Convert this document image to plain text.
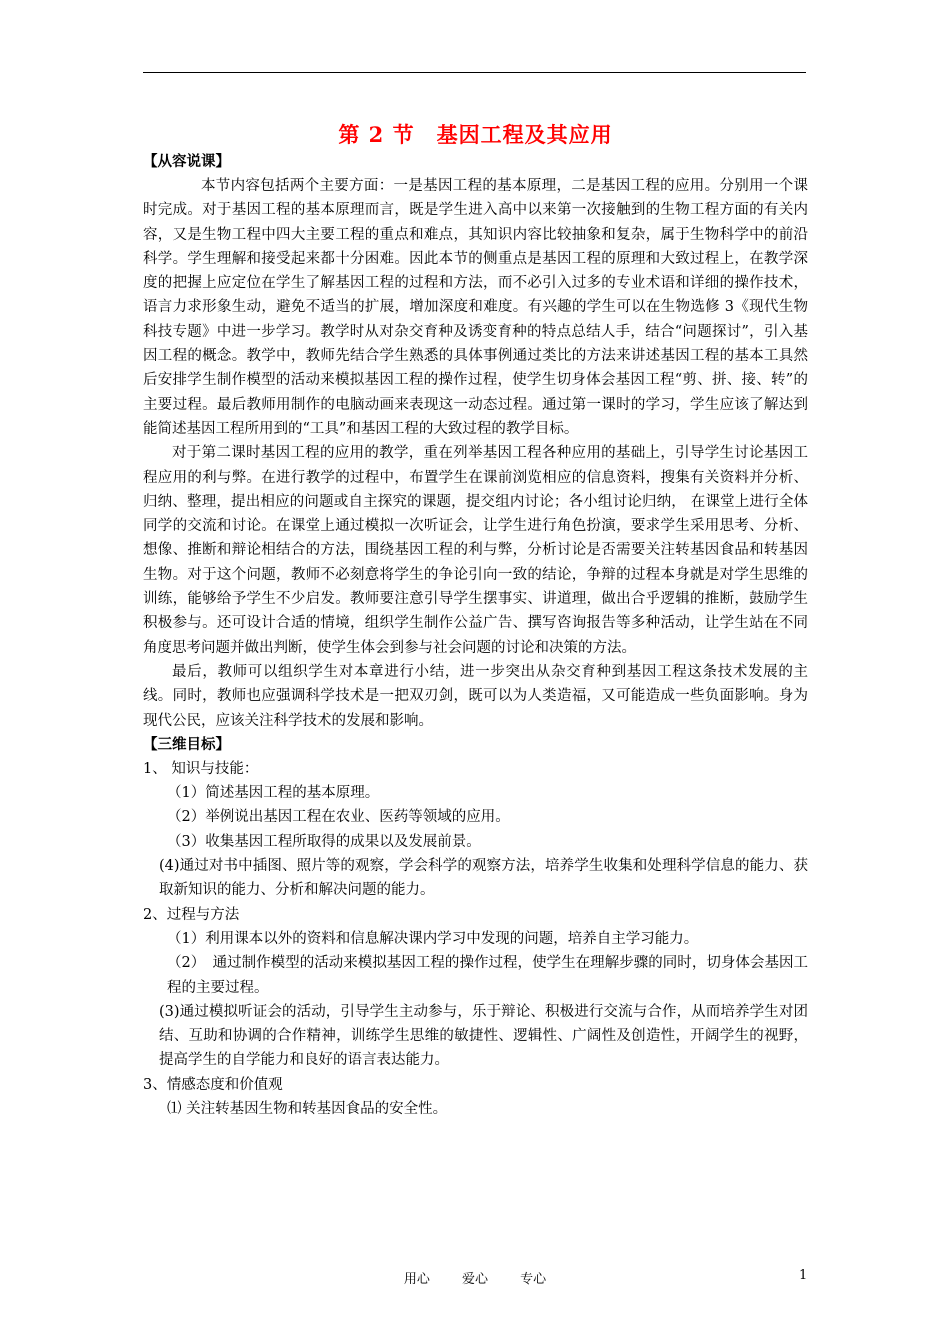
第 2 节　基因工程及其应用

【从容说课】

本节内容包括两个主要方面：一是基因工程的基本原理，二是基因工程的应用。分别用一个课时完成。对于基因工程的基本原理而言，既是学生进入高中以来第一次接触到的生物工程方面的有关内容，又是生物工程中四大主要工程的重点和难点，其知识内容比较抽象和复杂，属于生物科学中的前沿科学。学生理解和接受起来都十分困难。因此本节的侧重点是基因工程的原理和大致过程上，在教学深度的把握上应定位在学生了解基因工程的过程和方法，而不必引入过多的专业术语和详细的操作技术，语言力求形象生动，避免不适当的扩展，增加深度和难度。有兴趣的学生可以在生物选修 3《现代生物科技专题》中进一步学习。教学时从对杂交育种及诱变育种的特点总结人手，结合“问题探讨”，引入基因工程的概念。教学中，教师先结合学生熟悉的具体事例通过类比的方法来讲述基因工程的基本工具然后安排学生制作模型的活动来模拟基因工程的操作过程，使学生切身体会基因工程“剪、拼、接、转”的主要过程。最后教师用制作的电脑动画来表现这一动态过程。通过第一课时的学习，学生应该了解达到能简述基因工程所用到的“工具”和基因工程的大致过程的教学目标。

对于第二课时基因工程的应用的教学，重在列举基因工程各种应用的基础上，引导学生讨论基因工程应用的利与弊。在进行教学的过程中，布置学生在课前浏览相应的信息资料，搜集有关资料并分析、归纳、整理，提出相应的问题或自主探究的课题，提交组内讨论；各小组讨论归纳， 在课堂上进行全体同学的交流和讨论。在课堂上通过模拟一次听证会，让学生进行角色扮演，要求学生采用思考、分析、想像、推断和辩论相结合的方法，围绕基因工程的利与弊，分析讨论是否需要关注转基因食品和转基因生物。对于这个问题，教师不必刻意将学生的争论引向一致的结论，争辩的过程本身就是对学生思维的训练，能够给予学生不少启发。教师要注意引导学生摆事实、讲道理，做出合乎逻辑的推断，鼓励学生积极参与。还可设计合适的情境，组织学生制作公益广告、撰写咨询报告等多种活动，让学生站在不同角度思考问题并做出判断，使学生体会到参与社会问题的讨论和决策的方法。

最后，教师可以组织学生对本章进行小结，进一步突出从杂交育种到基因工程这条技术发展的主线。同时，教师也应强调科学技术是一把双刃剑，既可以为人类造福，又可能造成一些负面影响。身为现代公民，应该关注科学技术的发展和影响。

【三维目标】

1、 知识与技能：

（1）简述基因工程的基本原理。

（2）举例说出基因工程在农业、医药等领域的应用。

（3）收集基因工程所取得的成果以及发展前景。

(4)通过对书中插图、照片等的观察，学会科学的观察方法，培养学生收集和处理科学信息的能力、获取新知识的能力、分析和解决问题的能力。

2、过程与方法

（1）利用课本以外的资料和信息解决课内学习中发现的问题，培养自主学习能力。

（2）　通过制作模型的活动来模拟基因工程的操作过程，使学生在理解步骤的同时，切身体会基因工程的主要过程。

(3)通过模拟听证会的活动，引导学生主动参与，乐于辩论、积极进行交流与合作，从而培养学生对团结、互助和协调的合作精神，训练学生思维的敏捷性、逻辑性、广阔性及创造性，开阔学生的视野，提高学生的自学能力和良好的语言表达能力。

3、情感态度和价值观

⑴ 关注转基因生物和转基因食品的安全性。

用心 爱心 专心	1
